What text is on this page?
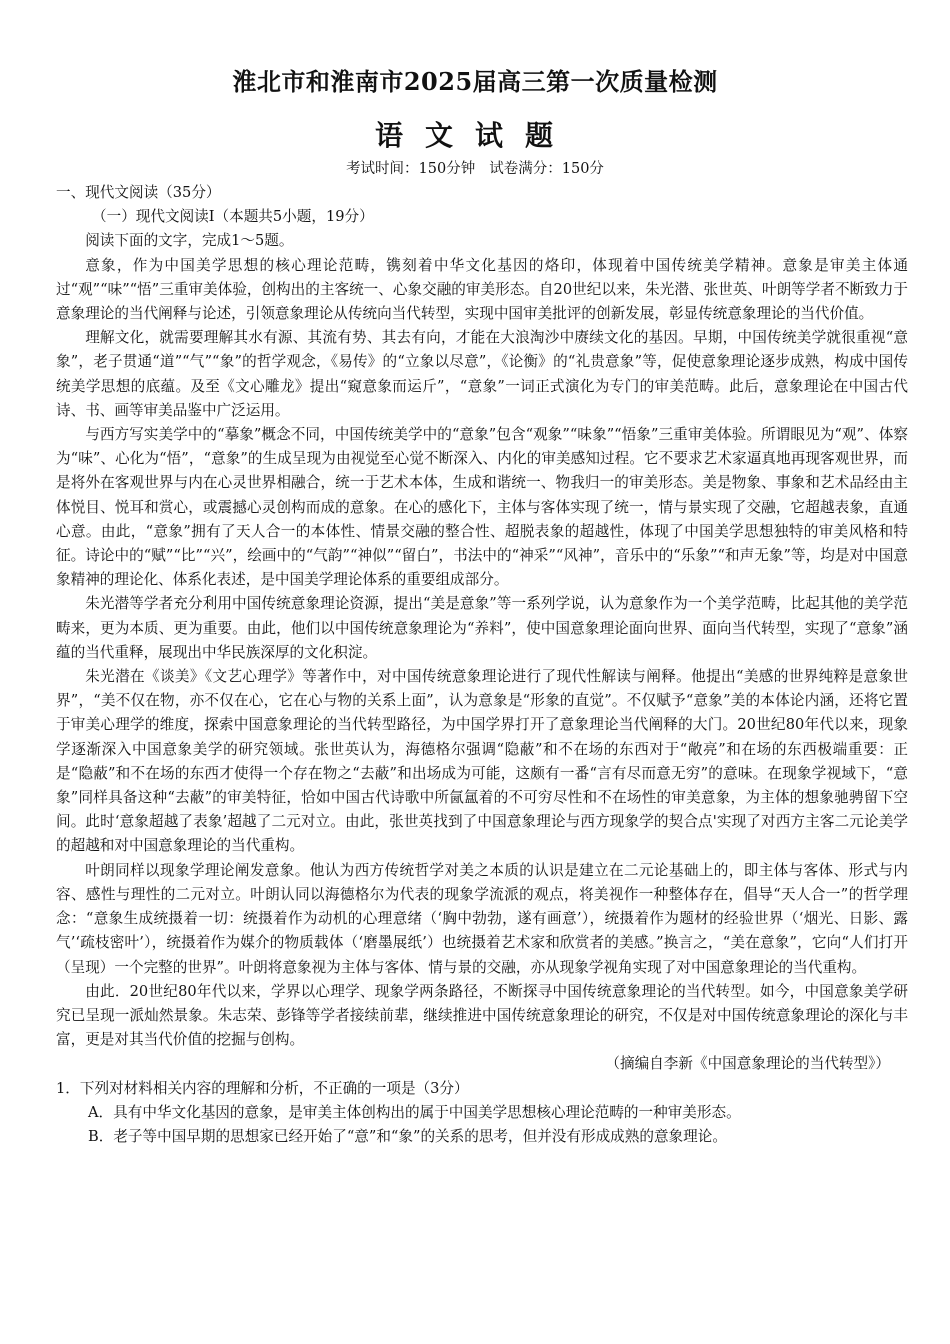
淮北市和淮南市2025届高三第一次质量检测
语文试题
考试时间：150分钟 试卷满分：150分

一、现代文阅读（35分）

（一）现代文阅读Ⅰ（本题共5小题，19分）

阅读下面的文字，完成1～5题。

意象，作为中国美学思想的核心理论范畴，镌刻着中华文化基因的烙印，体现着中国传统美学精神。意象是审美主体通过“观”“味”“悟”三重审美体验，创构出的主客统一、心象交融的审美形态。自20世纪以来，朱光潜、张世英、叶朗等学者不断致力于意象理论的当代阐释与论述，引领意象理论从传统向当代转型，实现中国审美批评的创新发展，彰显传统意象理论的当代价值。

理解文化，就需要理解其水有源、其流有势、其去有向，才能在大浪淘沙中赓续文化的基因。早期，中国传统美学就很重视“意象”，老子贯通“道”“气”“象”的哲学观念，《易传》的“立象以尽意”，《论衡》的“礼贵意象”等，促使意象理论逐步成熟，构成中国传统美学思想的底蕴。及至《文心雕龙》提出“窥意象而运斤”，“意象”一词正式演化为专门的审美范畴。此后，意象理论在中国古代诗、书、画等审美品鉴中广泛运用。

与西方写实美学中的“摹象”概念不同，中国传统美学中的“意象”包含“观象”“味象”“悟象”三重审美体验。所谓眼见为“观”、体察为“味”、心化为“悟”，“意象”的生成呈现为由视觉至心觉不断深入、内化的审美感知过程。它不要求艺术家逼真地再现客观世界，而是将外在客观世界与内在心灵世界相融合，统一于艺术本体，生成和谐统一、物我归一的审美形态。美是物象、事象和艺术品经由主体悦目、悦耳和赏心，或震撼心灵创构而成的意象。在心的感化下，主体与客体实现了统一，情与景实现了交融，它超越表象，直通心意。由此，“意象”拥有了天人合一的本体性、情景交融的整合性、超脱表象的超越性，体现了中国美学思想独特的审美风格和特征。诗论中的“赋”“比”“兴”，绘画中的“气韵”“神似”“留白”，书法中的“神采”“风神”，音乐中的“乐象”“和声无象”等，均是对中国意象精神的理论化、体系化表述，是中国美学理论体系的重要组成部分。

朱光潜等学者充分利用中国传统意象理论资源，提出“美是意象”等一系列学说，认为意象作为一个美学范畴，比起其他的美学范畴来，更为本质、更为重要。由此，他们以中国传统意象理论为“养料”，使中国意象理论面向世界、面向当代转型，实现了“意象”涵蕴的当代重释，展现出中华民族深厚的文化积淀。

朱光潜在《谈美》《文艺心理学》等著作中，对中国传统意象理论进行了现代性解读与阐释。他提出“美感的世界纯粹是意象世界”，“美不仅在物，亦不仅在心，它在心与物的关系上面”，认为意象是“形象的直觉”。不仅赋予“意象”美的本体论内涵，还将它置于审美心理学的维度，探索中国意象理论的当代转型路径，为中国学界打开了意象理论当代阐释的大门。20世纪80年代以来，现象学逐渐深入中国意象美学的研究领域。张世英认为，海德格尔强调“隐蔽”和不在场的东西对于“敞亮”和在场的东西极端重要：正是“隐蔽”和不在场的东西才使得一个存在物之“去蔽”和出场成为可能，这颇有一番“言有尽而意无穷”的意味。在现象学视域下，“意象”同样具备这种“去蔽”的审美特征，恰如中国古代诗歌中所氤氲着的不可穷尽性和不在场性的审美意象，为主体的想象驰骋留下空间。此时‘意象超越了表象’超越了二元对立。由此，张世英找到了中国意象理论与西方现象学的契合点'实现了对西方主客二元论美学的超越和对中国意象理论的当代重构。

叶朗同样以现象学理论阐发意象。他认为西方传统哲学对美之本质的认识是建立在二元论基础上的，即主体与客体、形式与内容、感性与理性的二元对立。叶朗认同以海德格尔为代表的现象学流派的观点，将美视作一种整体存在，倡导“天人合一”的哲学理念：“意象生成统摄着一切：统摄着作为动机的心理意绪（‘胸中勃勃，遂有画意’），统摄着作为题材的经验世界（‘烟光、日影、露气’‘疏枝密叶’），统摄着作为媒介的物质载体（‘磨墨展纸’）也统摄着艺术家和欣赏者的美感。”换言之，“美在意象”，它向“人们打开（呈现）一个完整的世界”。叶朗将意象视为主体与客体、情与景的交融，亦从现象学视角实现了对中国意象理论的当代重构。

由此．20世纪80年代以来，学界以心理学、现象学两条路径，不断探寻中国传统意象理论的当代转型。如今，中国意象美学研究已呈现一派灿然景象。朱志荣、彭锋等学者接续前辈，继续推进中国传统意象理论的研究，不仅是对中国传统意象理论的深化与丰富，更是对其当代价值的挖掘与创构。

（摘编自李新《中国意象理论的当代转型》）

1．下列对材料相关内容的理解和分析，不正确的一项是（3分）

A．具有中华文化基因的意象，是审美主体创构出的属于中国美学思想核心理论范畴的一种审美形态。

B．老子等中国早期的思想家已经开始了“意”和“象”的关系的思考，但并没有形成成熟的意象理论。
